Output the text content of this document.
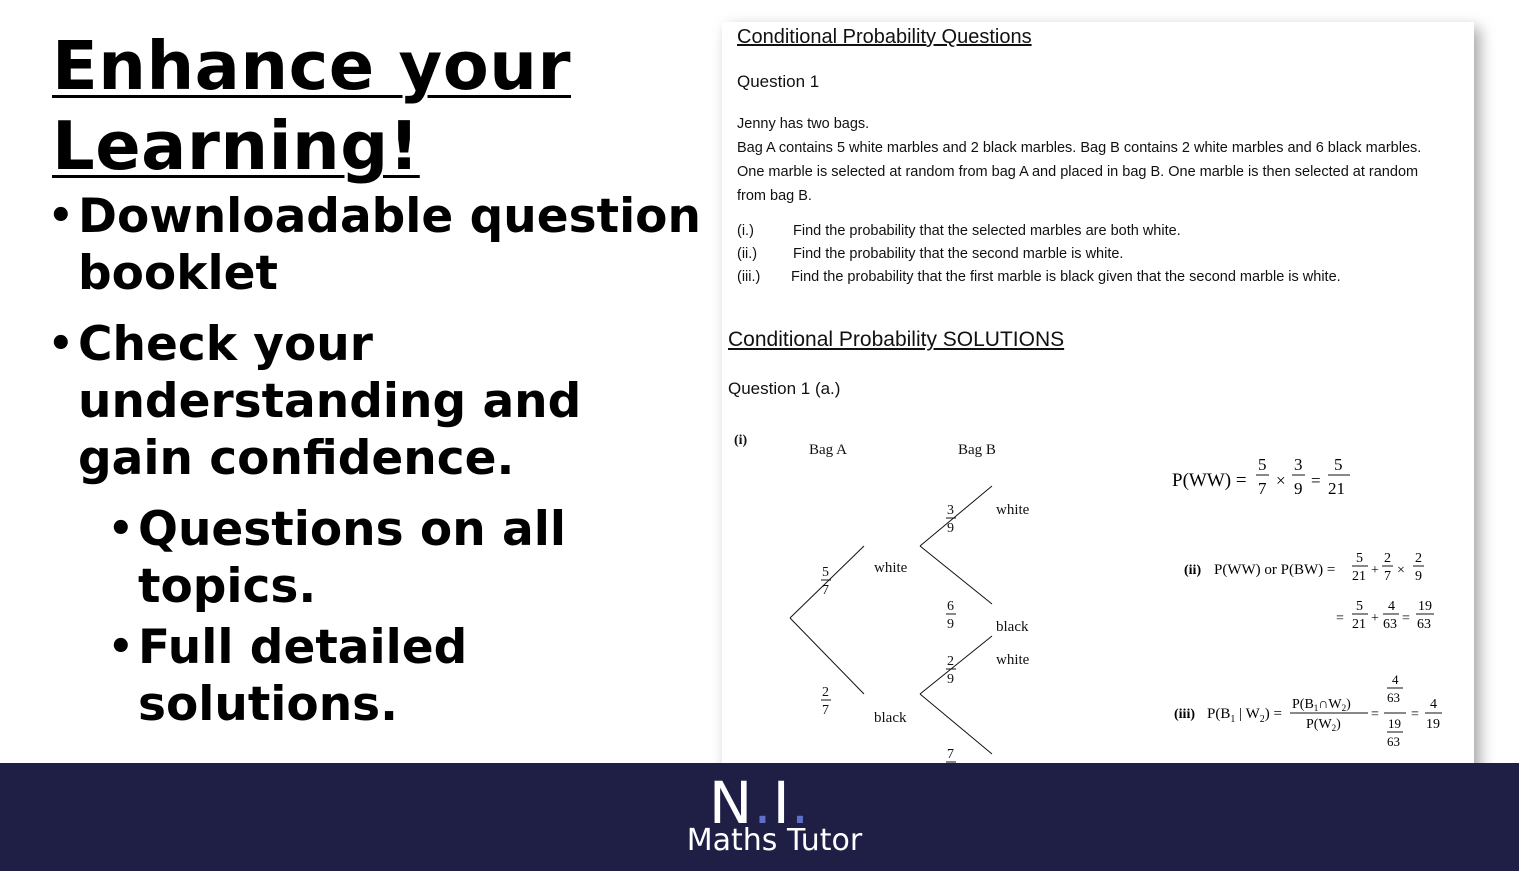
Enhance your Learning!
• Downloadable question booklet
• Check your understanding and gain confidence.
• Questions on all topics.
• Full detailed solutions.
Conditional Probability Questions
Question 1
Jenny has two bags.
Bag A contains 5 white marbles and 2 black marbles. Bag B contains 2 white marbles and 6 black marbles.
One marble is selected at random from bag A and placed in bag B. One marble is then selected at random
from bag B.
(i.)	Find the probability that the selected marbles are both white.
(ii.) Find the probability that the second marble is white.
(iii.) Find the probability that the first marble is black given that the second marble is white.
Conditional Probability SOLUTIONS
Question 1 (a.)
(i)
Bag A	Bag B
white
black
white
black
white
5
7
2
7
3
9
6
9
2
9
7
P(WW) =
5
7 ×
3
9 =
5
21
(ii) P(WW) or P(BW) =
5
21 +
2
7 ×
2
9
=
5
21 +
4
63 =
19
63
(iii) $P(B_1$ | $W_2$) =
$P(B_1\cap W_2)$
$P(W_2)$
=
4
63
19
63
=
4
19
N.I.
Maths Tutor
